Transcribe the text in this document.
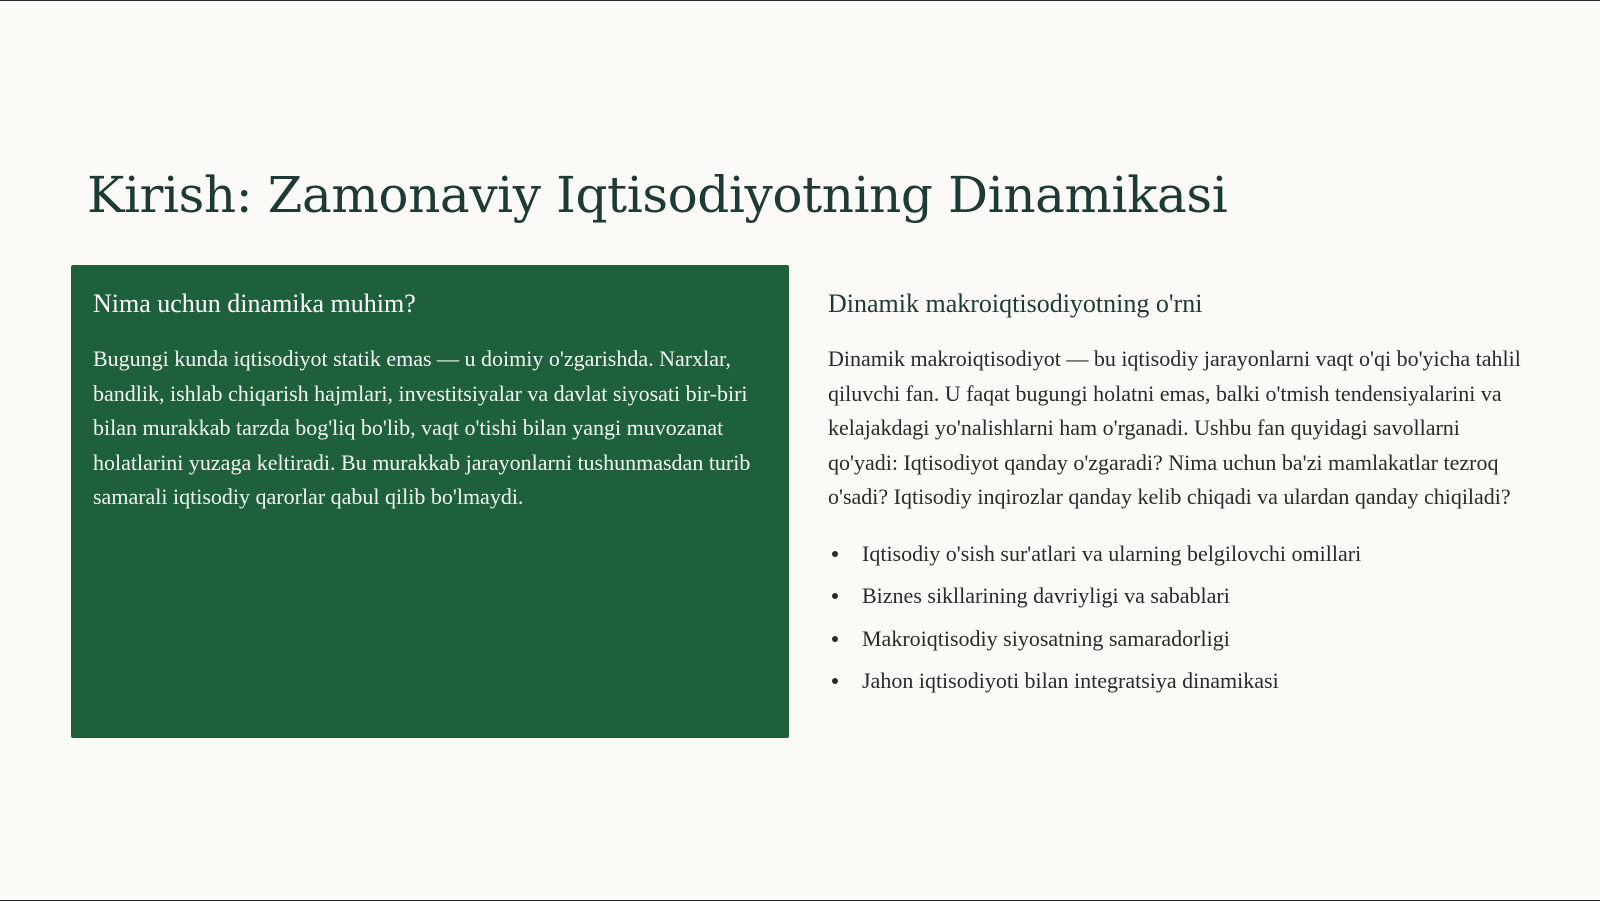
Kirish: Zamonaviy Iqtisodiyotning Dinamikasi
Nima uchun dinamika muhim?

Bugungi kunda iqtisodiyot statik emas — u doimiy o'zgarishda. Narxlar, bandlik, ishlab chiqarish hajmlari, investitsiyalar va davlat siyosati bir-biri bilan murakkab tarzda bog'liq bo'lib, vaqt o'tishi bilan yangi muvozanat holatlarini yuzaga keltiradi. Bu murakkab jarayonlarni tushunmasdan turib samarali iqtisodiy qarorlar qabul qilib bo'lmaydi.

Dinamik makroiqtisodiyotning o'rni

Dinamik makroiqtisodiyot — bu iqtisodiy jarayonlarni vaqt o'qi bo'yicha tahlil qiluvchi fan. U faqat bugungi holatni emas, balki o'tmish tendensiyalarini va kelajakdagi yo'nalishlarni ham o'rganadi. Ushbu fan quyidagi savollarni qo'yadi: Iqtisodiyot qanday o'zgaradi? Nima uchun ba'zi mamlakatlar tezroq o'sadi? Iqtisodiy inqirozlar qanday kelib chiqadi va ulardan qanday chiqiladi?

Iqtisodiy o'sish sur'atlari va ularning belgilovchi omillari
Biznes sikllarining davriyligi va sabablari
Makroiqtisodiy siyosatning samaradorligi
Jahon iqtisodiyoti bilan integratsiya dinamikasi
